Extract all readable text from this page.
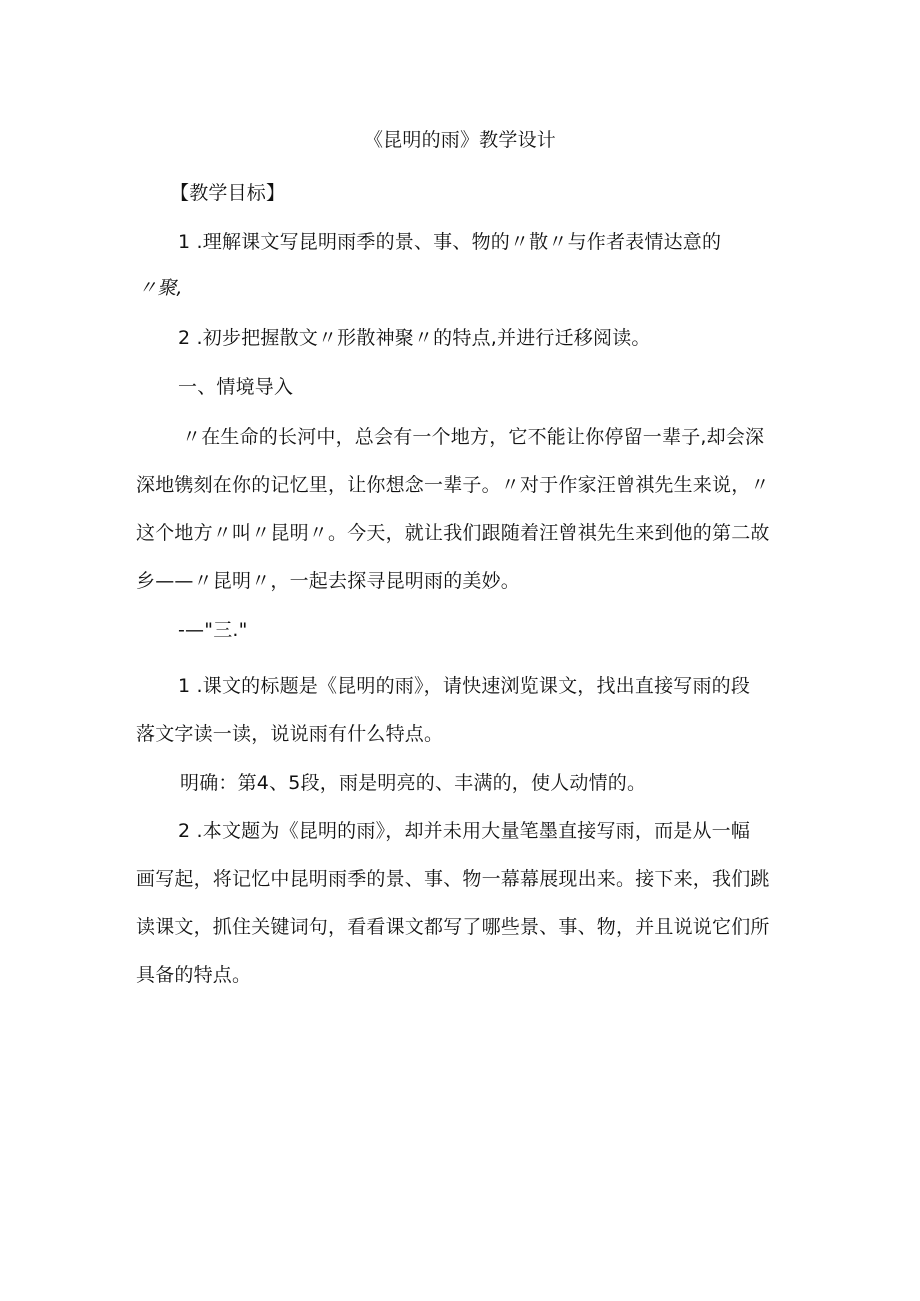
《昆明的雨》教学设计
【教学目标】
1 .理解课文写昆明雨季的景、事、物的〃散〃与作者表情达意的
〃聚,
2 .初步把握散文〃形散神聚〃的特点,并进行迁移阅读。
一、情境导入
〃在生命的长河中，总会有一个地方，它不能让你停留一辈子,却会深
深地镌刻在你的记忆里，让你想念一辈子。〃对于作家汪曾祺先生来说，〃
这个地方〃叫〃昆明〃。今天，就让我们跟随着汪曾祺先生来到他的第二故
乡——〃昆明〃，一起去探寻昆明雨的美妙。
-—"三."
1 .课文的标题是《昆明的雨》，请快速浏览课文，找出直接写雨的段
落文字读一读，说说雨有什么特点。
明确：第4、5段，雨是明亮的、丰满的，使人动情的。
2 .本文题为《昆明的雨》，却并未用大量笔墨直接写雨，而是从一幅
画写起，将记忆中昆明雨季的景、事、物一幕幕展现出来。接下来，我们跳
读课文，抓住关键词句，看看课文都写了哪些景、事、物，并且说说它们所
具备的特点。
